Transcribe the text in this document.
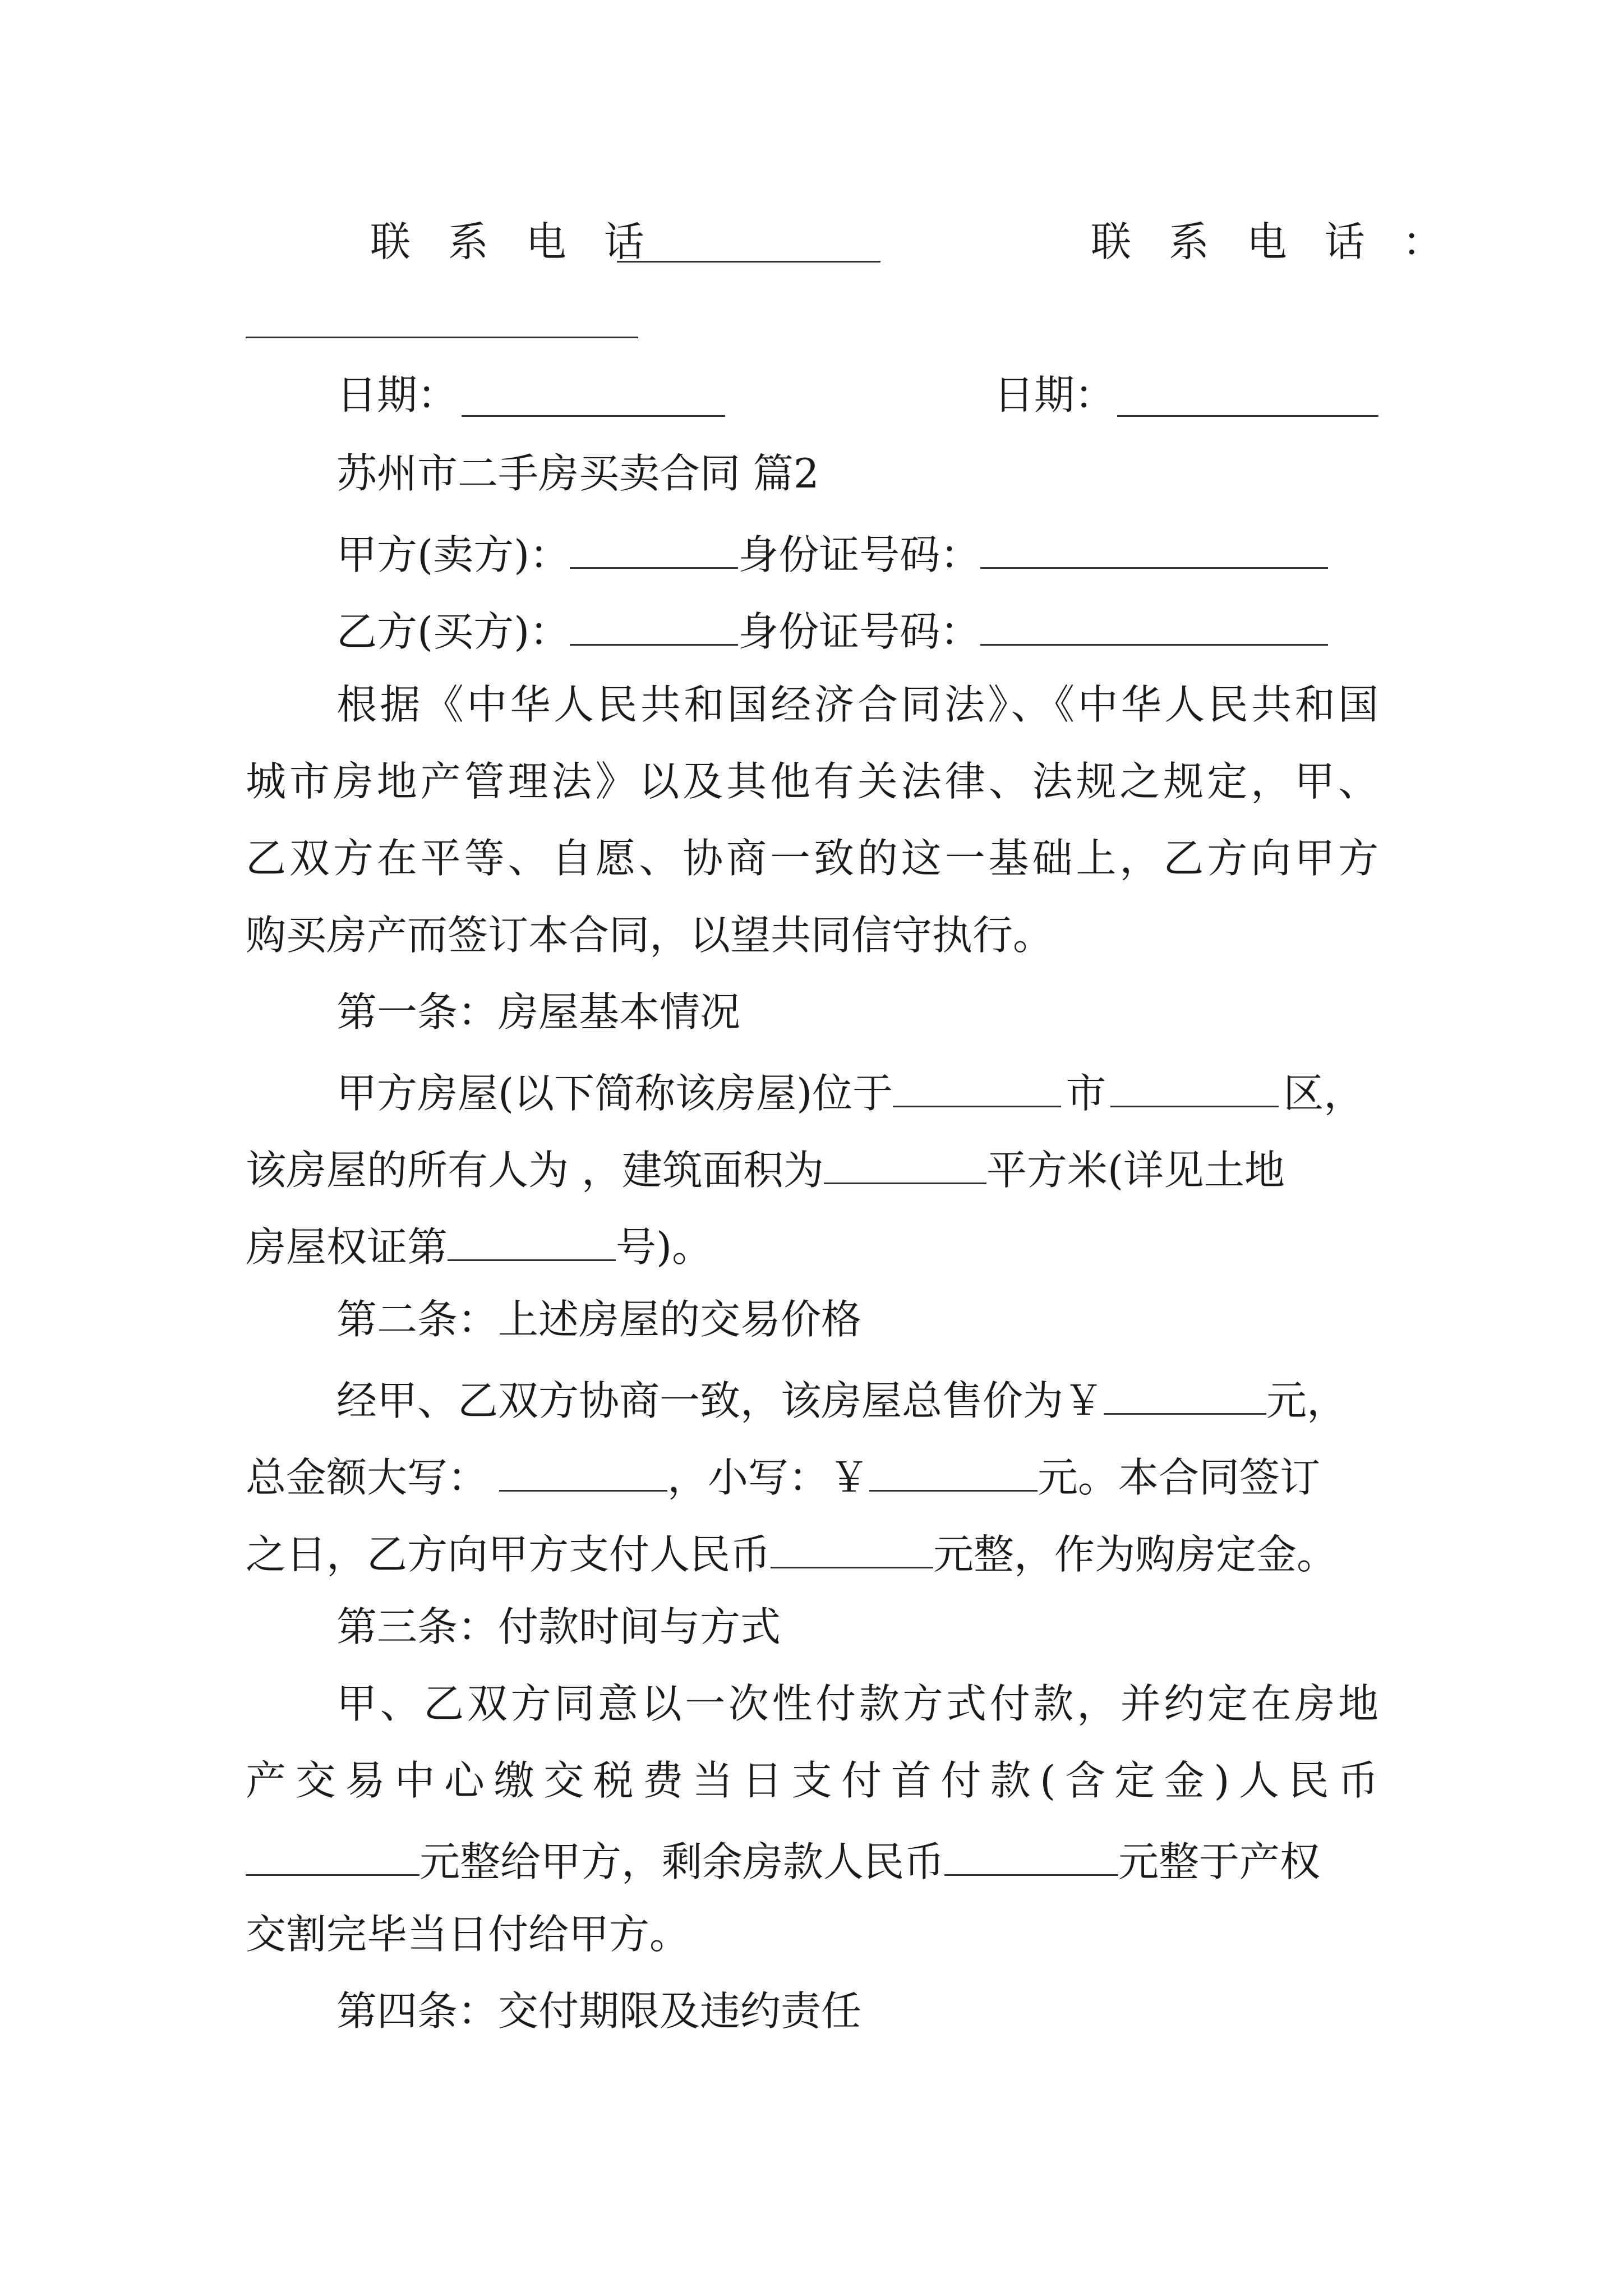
联 系 电 话	联 系 电 话 ：
日期：	日期：
苏州市二手房买卖合同 篇2
甲方(卖方)：	身份证号码：
乙方(买方)：	身份证号码：
根据《中华人民共和国经济合同法》、《中华人民共和国
城市房地产管理法》以及其他有关法律、法规之规定，甲、
乙双方在平等、自愿、协商一致的这一基础上，乙方向甲方
购买房产而签订本合同，以望共同信守执行。
第一条：房屋基本情况
甲方房屋(以下简称该房屋)位于	市	区，
该房屋的所有人为 ，建筑面积为	平方米(详见土地
房屋权证第	号)。
第二条：上述房屋的交易价格
经甲、乙双方协商一致，该房屋总售价为￥	元，
总金额大写：	，小写：￥	元。本合同签订
之日，乙方向甲方支付人民币	元整，作为购房定金。
第三条：付款时间与方式
甲、乙双方同意以一次性付款方式付款，并约定在房地
产交易中心缴交税费当日支付首付款(含定金)人民币
元整给甲方，剩余房款人民币	元整于产权
交割完毕当日付给甲方。
第四条：交付期限及违约责任
